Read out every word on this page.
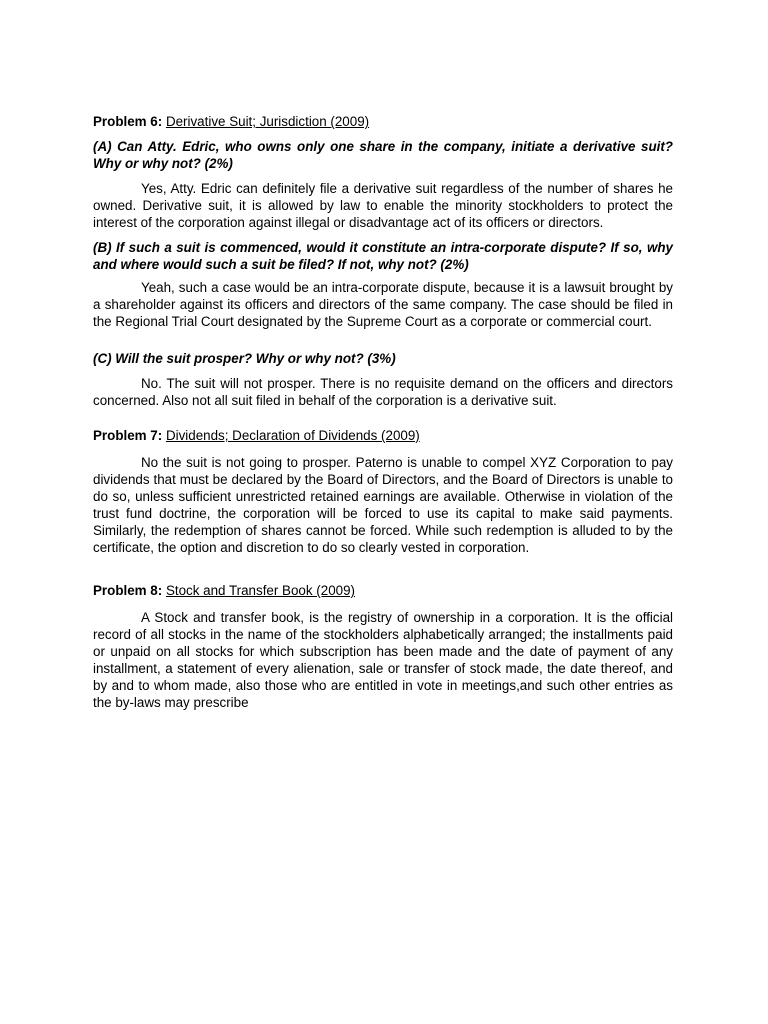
Problem 6: Derivative Suit; Jurisdiction (2009)

(A) Can Atty. Edric, who owns only one share in the company, initiate a derivative suit? Why or why not? (2%)

Yes, Atty. Edric can definitely file a derivative suit regardless of the number of shares he owned. Derivative suit, it is allowed by law to enable the minority stockholders to protect the interest of the corporation against illegal or disadvantage act of its officers or directors.

(B) If such a suit is commenced, would it constitute an intra-corporate dispute? If so, why and where would such a suit be filed? If not, why not? (2%)

Yeah, such a case would be an intra-corporate dispute, because it is a lawsuit brought by a shareholder against its officers and directors of the same company. The case should be filed in the Regional Trial Court designated by the Supreme Court as a corporate or commercial court.

(C) Will the suit prosper? Why or why not? (3%)

No. The suit will not prosper. There is no requisite demand on the officers and directors concerned. Also not all suit filed in behalf of the corporation is a derivative suit.

Problem 7: Dividends; Declaration of Dividends (2009)

No the suit is not going to prosper. Paterno is unable to compel XYZ Corporation to pay dividends that must be declared by the Board of Directors, and the Board of Directors is unable to do so, unless sufficient unrestricted retained earnings are available. Otherwise in violation of the trust fund doctrine, the corporation will be forced to use its capital to make said payments. Similarly, the redemption of shares cannot be forced. While such redemption is alluded to by the certificate, the option and discretion to do so clearly vested in corporation.

Problem 8: Stock and Transfer Book (2009)

A Stock and transfer book, is the registry of ownership in a corporation. It is the official record of all stocks in the name of the stockholders alphabetically arranged; the installments paid or unpaid on all stocks for which subscription has been made and the date of payment of any installment, a statement of every alienation, sale or transfer of stock made, the date thereof, and by and to whom made, also those who are entitled in vote in meetings,and such other entries as the by-laws may prescribe
